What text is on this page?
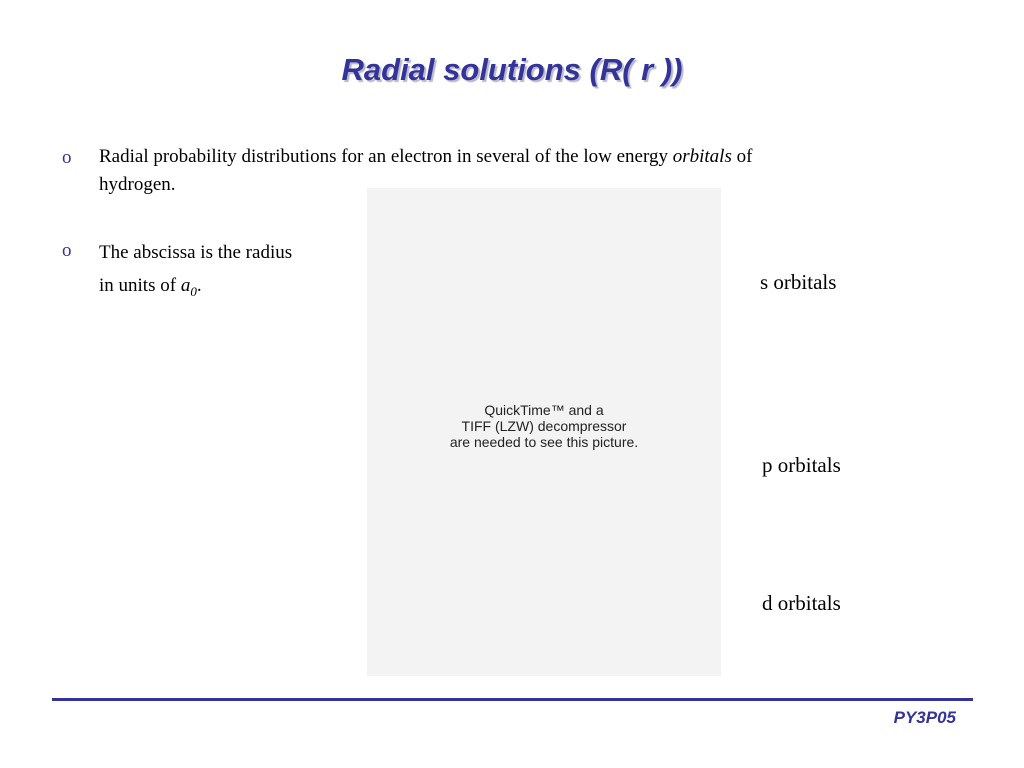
Radial solutions (R( r ))
o Radial probability distributions for an electron in several of the low energy orbitals of
hydrogen.
o The abscissa is the radius
in units of $a_0$.
QuickTime™ and a
TIFF (LZW) decompressor
are needed to see this picture.
s orbitals
p orbitals
d orbitals
PY3P05
